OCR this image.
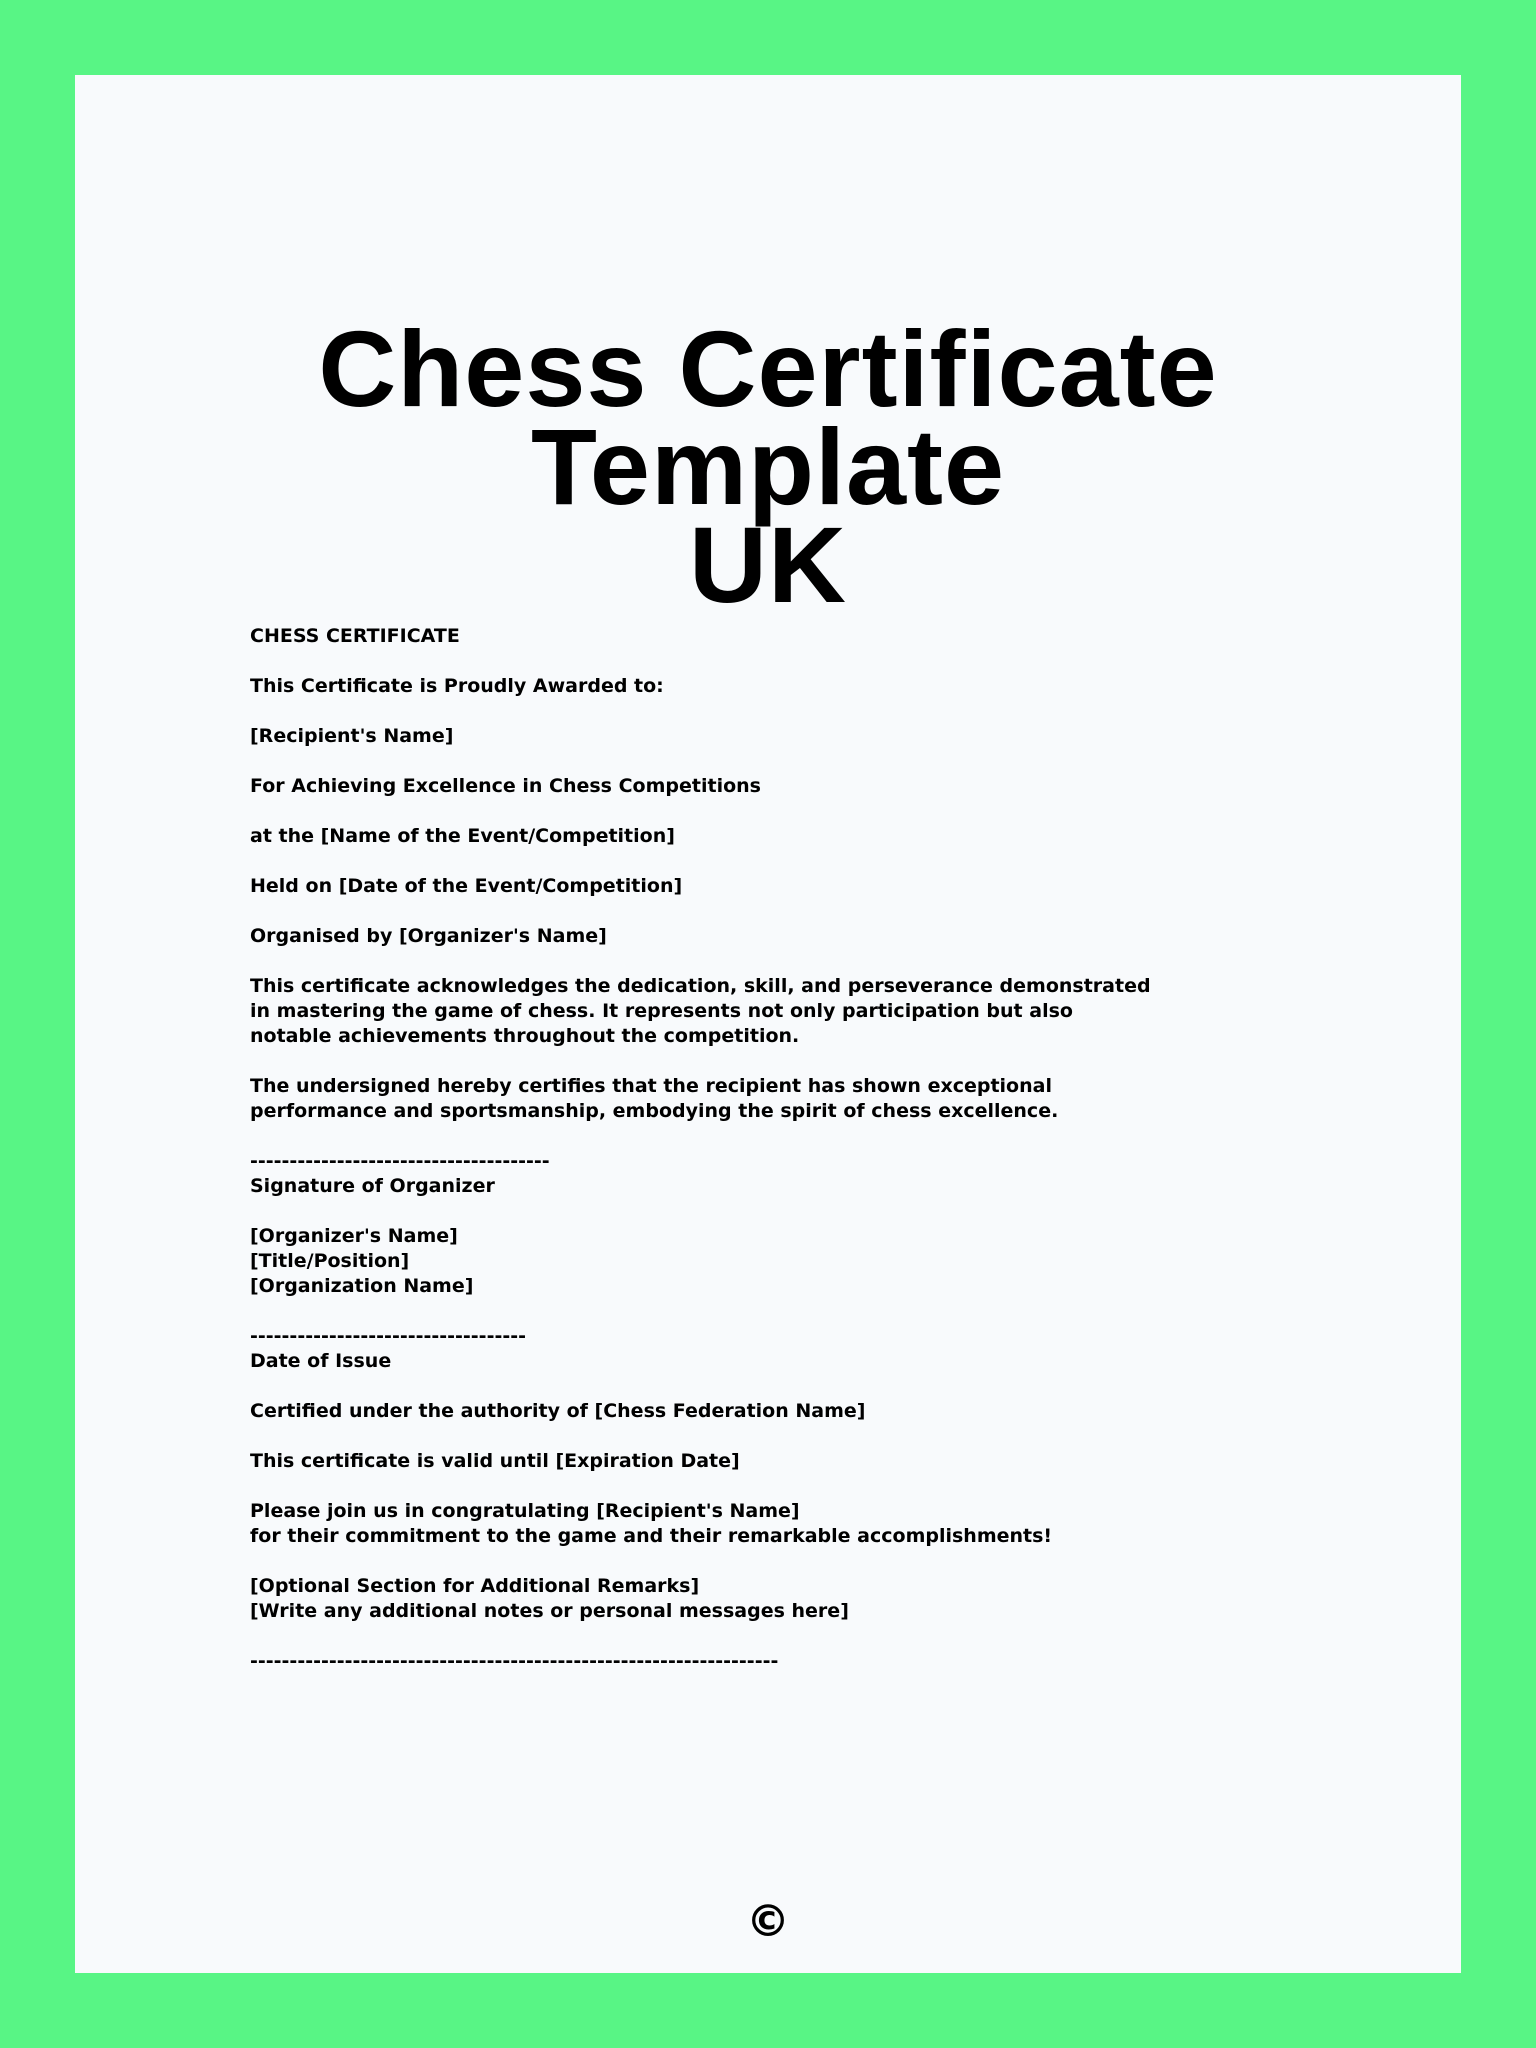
Chess Certificate Template
UK
CHESS CERTIFICATE
This Certificate is Proudly Awarded to:
[Recipient's Name]
For Achieving Excellence in Chess Competitions
at the [Name of the Event/Competition]
Held on [Date of the Event/Competition]
Organised by [Organizer's Name]
This certificate acknowledges the dedication, skill, and perseverance demonstrated
in mastering the game of chess. It represents not only participation but also
notable achievements throughout the competition.
The undersigned hereby certifies that the recipient has shown exceptional
performance and sportsmanship, embodying the spirit of chess excellence.
--------------------------------------
Signature of Organizer
[Organizer's Name]
[Title/Position]
[Organization Name]
-----------------------------------
Date of Issue
Certified under the authority of [Chess Federation Name]
This certificate is valid until [Expiration Date]
Please join us in congratulating [Recipient's Name]
for their commitment to the game and their remarkable accomplishments!
[Optional Section for Additional Remarks]
[Write any additional notes or personal messages here]
-------------------------------------------------------------------
©
